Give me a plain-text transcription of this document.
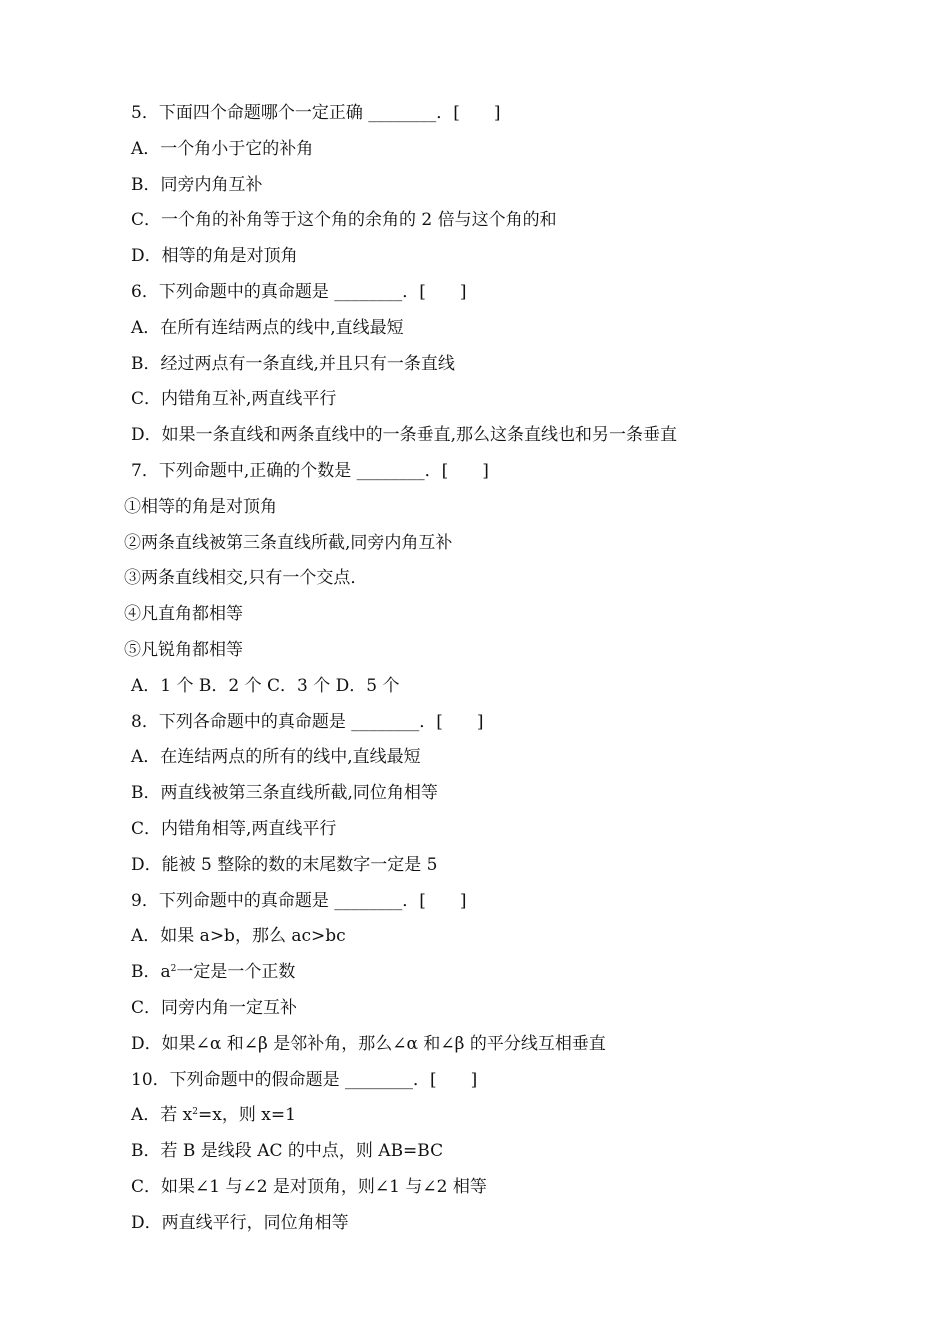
5．下面四个命题哪个一定正确 ________．[　　]
A．一个角小于它的补角
B．同旁内角互补
C．一个角的补角等于这个角的余角的 2 倍与这个角的和
D．相等的角是对顶角
6．下列命题中的真命题是 ________．[　　]
A．在所有连结两点的线中,直线最短
B．经过两点有一条直线,并且只有一条直线
C．内错角互补,两直线平行
D．如果一条直线和两条直线中的一条垂直,那么这条直线也和另一条垂直
7．下列命题中,正确的个数是 ________．[　　]
①相等的角是对顶角
②两条直线被第三条直线所截,同旁内角互补
③两条直线相交,只有一个交点．
④凡直角都相等
⑤凡锐角都相等
A．1 个 B．2 个 C．3 个 D．5 个
8．下列各命题中的真命题是 ________．[　　]
A．在连结两点的所有的线中,直线最短
B．两直线被第三条直线所截,同位角相等
C．内错角相等,两直线平行
D．能被 5 整除的数的末尾数字一定是 5
9．下列命题中的真命题是 ________．[　　]
A．如果 a>b，那么 ac>bc
B．$a^2$一定是一个正数
C．同旁内角一定互补
D．如果∠α 和∠β 是邻补角，那么∠α 和∠β 的平分线互相垂直
10．下列命题中的假命题是 ________．[　　]
A．若 $x^2=x$，则 x=1
B．若 B 是线段 AC 的中点，则 AB=BC
C．如果∠1 与∠2 是对顶角，则∠1 与∠2 相等
D．两直线平行，同位角相等
